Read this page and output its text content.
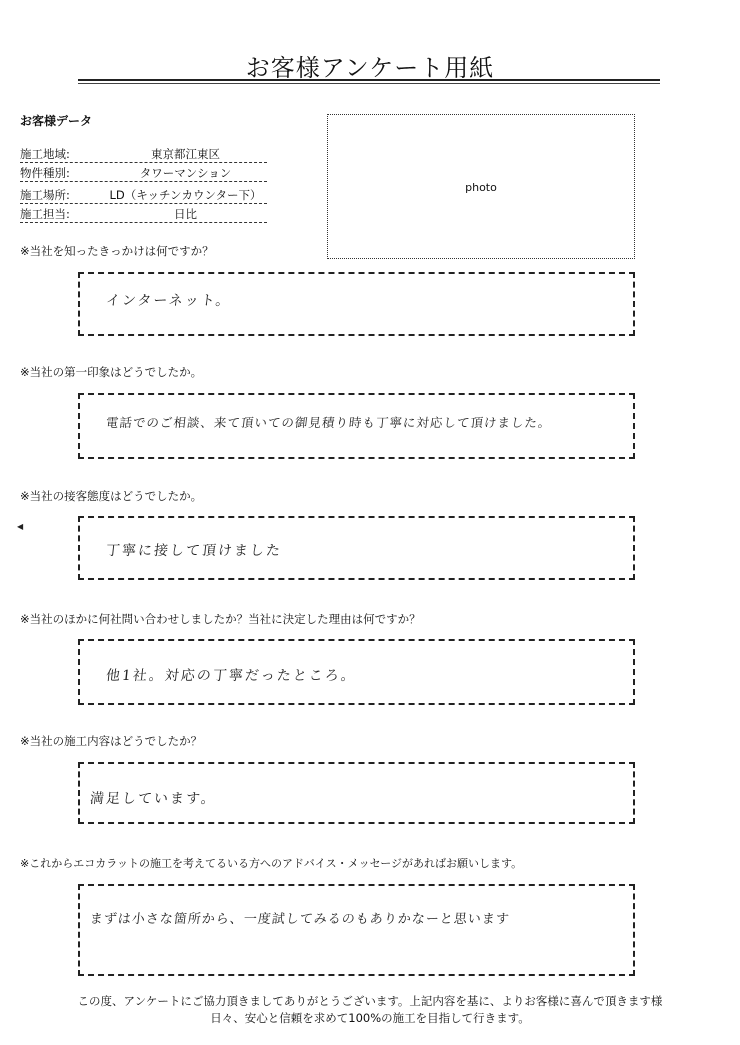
お客様アンケート用紙
お客様データ
施工地域:	東京都江東区
物件種別:	タワーマンション
施工場所:	LD（キッチンカウンター下）
施工担当:	日比
photo
※当社を知ったきっかけは何ですか？
インターネット。
※当社の第一印象はどうでしたか。
電話でのご相談、来て頂いての御見積り時も丁寧に対応して頂けました。
※当社の接客態度はどうでしたか。
◀
丁寧に接して頂けました
※当社のほかに何社問い合わせしましたか？当社に決定した理由は何ですか？
他1社。対応の丁寧だったところ。
※当社の施工内容はどうでしたか？
満足しています。
※これからエコカラットの施工を考えてるいる方へのアドバイス・メッセージがあればお願いします。
まずは小さな箇所から、一度試してみるのもありかなーと思います
この度、アンケートにご協力頂きましてありがとうございます。上記内容を基に、よりお客様に喜んで頂きます様
日々、安心と信頼を求めて100%の施工を目指して行きます。
